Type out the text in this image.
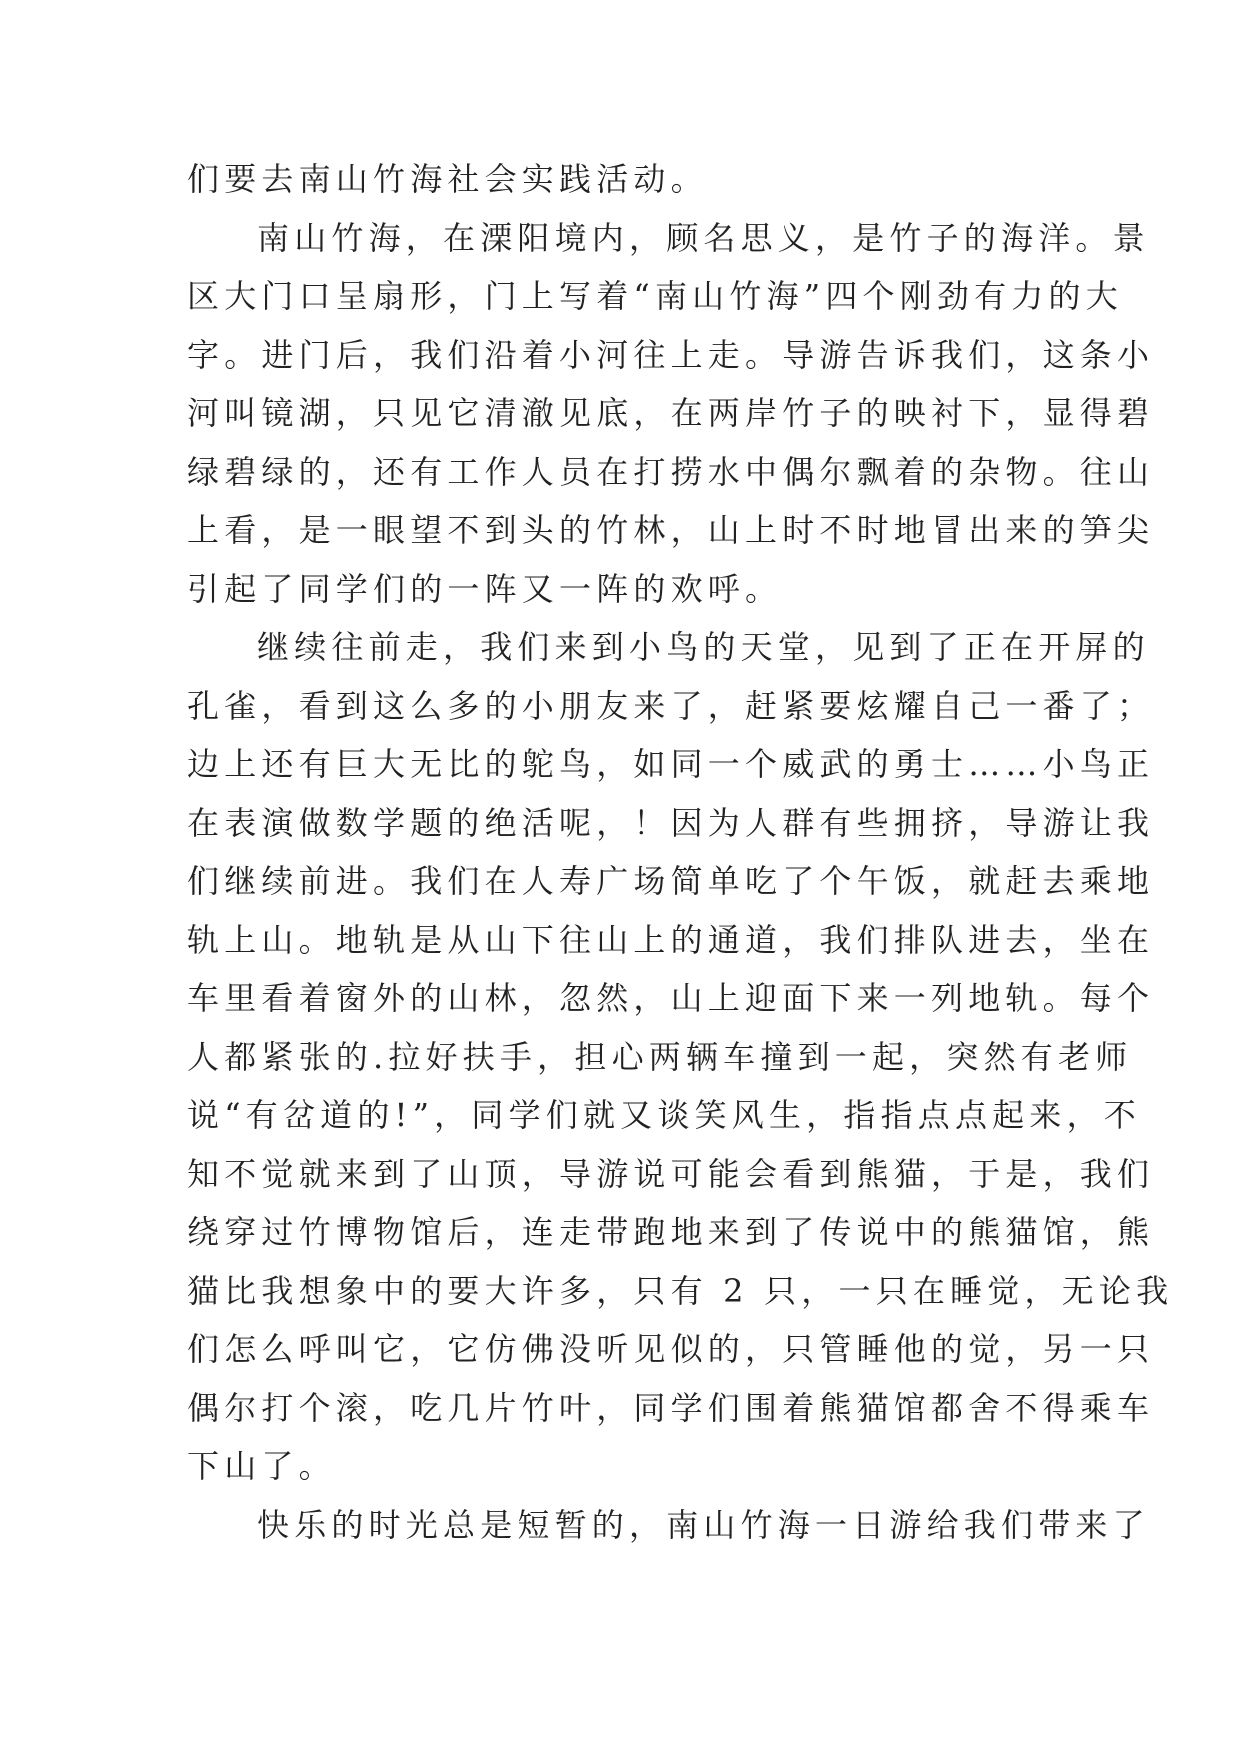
们要去南山竹海社会实践活动。
南山竹海，在溧阳境内，顾名思义，是竹子的海洋。景
区大门口呈扇形，门上写着“南山竹海”四个刚劲有力的大
字。进门后，我们沿着小河往上走。导游告诉我们，这条小
河叫镜湖，只见它清澈见底，在两岸竹子的映衬下，显得碧
绿碧绿的，还有工作人员在打捞水中偶尔飘着的杂物。往山
上看，是一眼望不到头的竹林，山上时不时地冒出来的笋尖
引起了同学们的一阵又一阵的欢呼。
继续往前走，我们来到小鸟的天堂，见到了正在开屏的
孔雀，看到这么多的小朋友来了，赶紧要炫耀自己一番了；
边上还有巨大无比的鸵鸟，如同一个威武的勇士……小鸟正
在表演做数学题的绝活呢，！因为人群有些拥挤，导游让我
们继续前进。我们在人寿广场简单吃了个午饭，就赶去乘地
轨上山。地轨是从山下往山上的通道，我们排队进去，坐在
车里看着窗外的山林，忽然，山上迎面下来一列地轨。每个
人都紧张的.拉好扶手，担心两辆车撞到一起，突然有老师
说“有岔道的!”，同学们就又谈笑风生，指指点点起来，不
知不觉就来到了山顶，导游说可能会看到熊猫，于是，我们
绕穿过竹博物馆后，连走带跑地来到了传说中的熊猫馆，熊
猫比我想象中的要大许多，只有 2 只，一只在睡觉，无论我
们怎么呼叫它，它仿佛没听见似的，只管睡他的觉，另一只
偶尔打个滚，吃几片竹叶，同学们围着熊猫馆都舍不得乘车
下山了。
快乐的时光总是短暂的，南山竹海一日游给我们带来了
